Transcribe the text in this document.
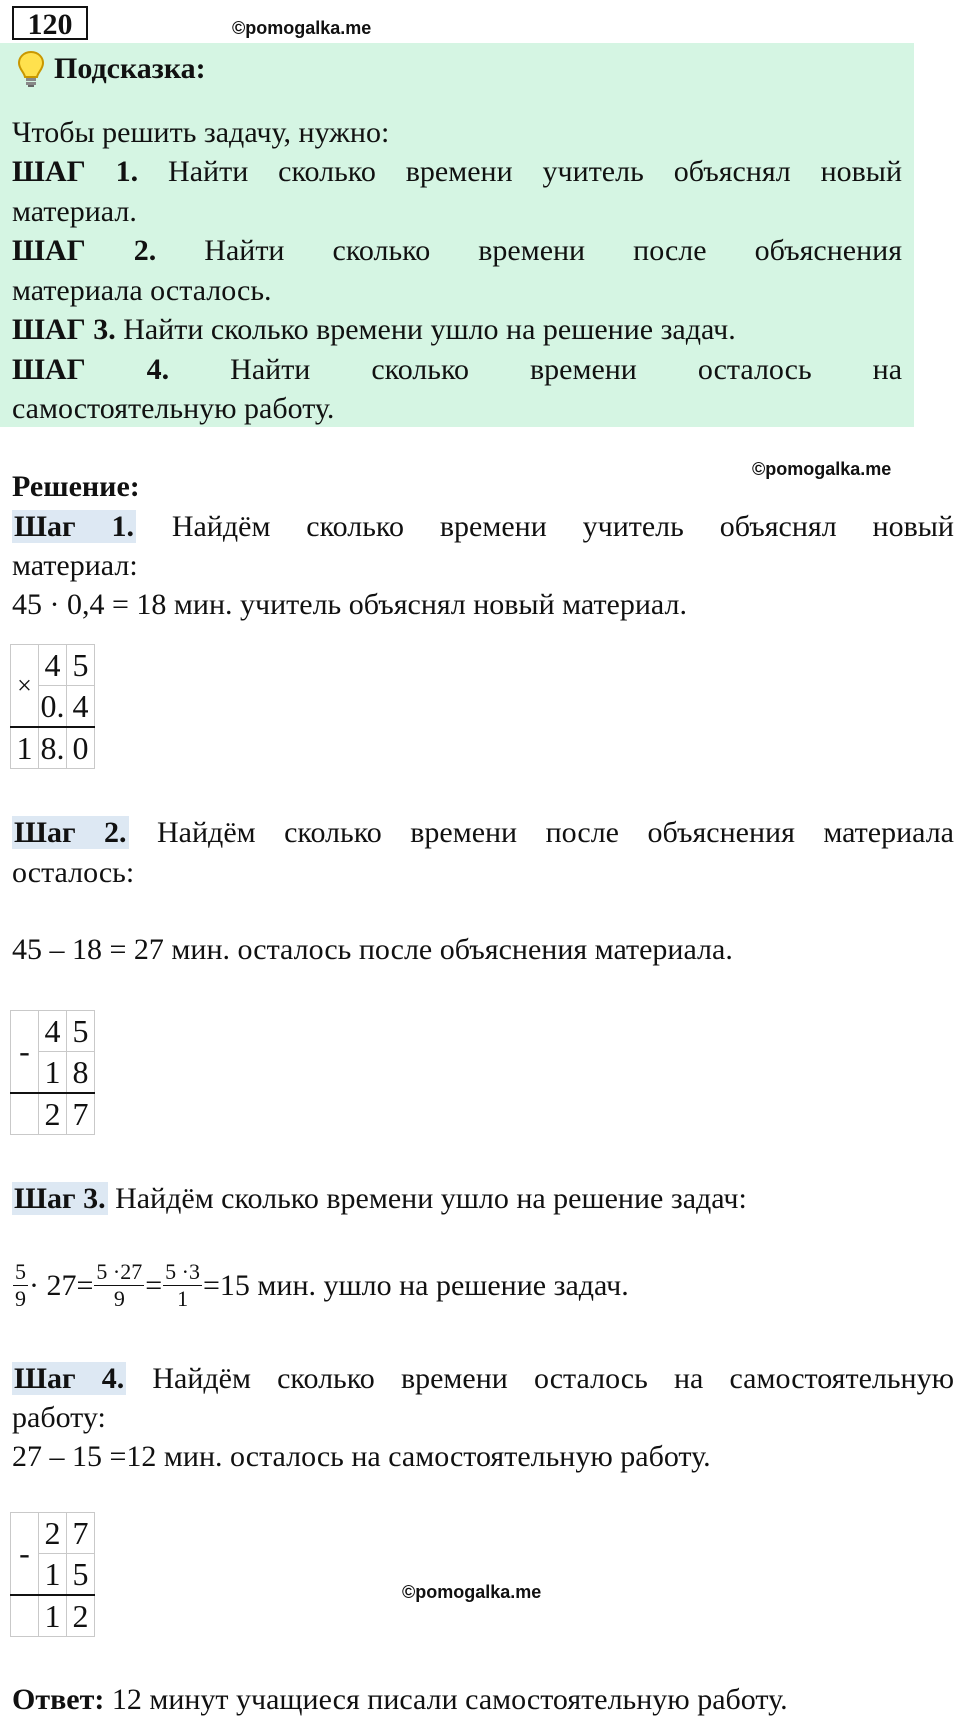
120	©pomogalka.me
Подсказка:
Чтобы решить задачу, нужно:
ШАГ 1. Найти сколько времени учитель объяснял новый
материал.
ШАГ 2. Найти сколько времени после объяснения
материала осталось.
ШАГ 3. Найти сколько времени ушло на решение задач.
ШАГ 4. Найти сколько времени осталось на
самостоятельную работу.
©pomogalka.me
Решение:
Шаг 1. Найдём сколько времени учитель объяснял новый
материал:
45 · 0,4 = 18 мин. учитель объяснял новый материал.
×	4	5
	0.	4
1	8.	0
Шаг 2. Найдём сколько времени после объяснения материала
осталось:
45 – 18 = 27 мин. осталось после объяснения материала.
-	4	5
	1	8
	2	7
Шаг 3. Найдём сколько времени ушло на решение задач:
$\frac{5}{9} \cdot 27= \frac{5 \cdot 27}{9} = \frac{5 \cdot 3}{1} =15$ мин. ушло на решение задач.
Шаг 4. Найдём сколько времени осталось на самостоятельную
работу:
27 – 15 =12 мин. осталось на самостоятельную работу.
-	2	7
	1	5
	1	2
©pomogalka.me
Ответ: 12 минут учащиеся писали самостоятельную работу.
